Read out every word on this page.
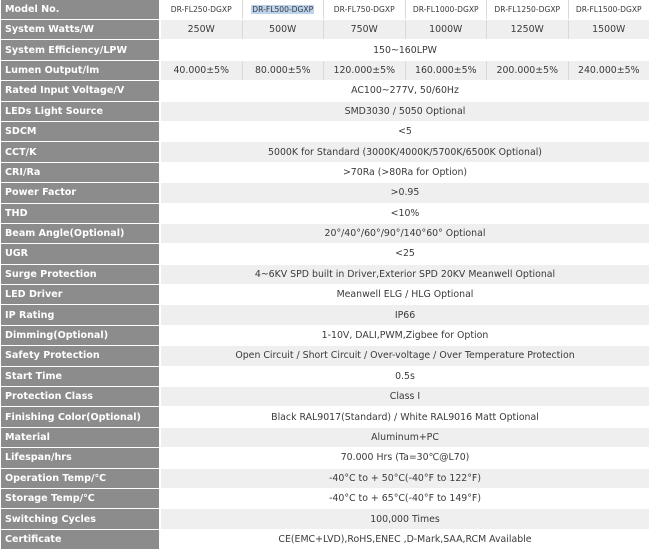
Model No.	DR-FL250-DGXP	DR-FL500-DGXP	DR-FL750-DGXP DR-FL1000-DGXP DR-FL1250-DGXP DR-FL1500-DGXP
System Watts/W	250W	500W	750W	1000W	1250W	1500W
System Efficiency/LPW	150~160LPW
Lumen Output/lm	40.000±5%	80.000±5%	120.000±5%	160.000±5%	200.000±5%	240.000±5%
Rated Input Voltage/V	AC100~277V, 50/60Hz
LEDs Light Source	SMD3030 / 5050 Optional
SDCM	<5
CCT/K	5000K for Standard (3000K/4000K/5700K/6500K Optional)
CRI/Ra	>70Ra (>80Ra for Option)
Power Factor	>0.95
THD	<10%
Beam Angle(Optional)	20°/40°/60°/90°/140°60° Optional
UGR	<25
Surge Protection	4~6KV SPD built in Driver,Exterior SPD 20KV Meanwell Optional
LED Driver	Meanwell ELG / HLG Optional
IP Rating	IP66
Dimming(Optional)	1-10V, DALI,PWM,Zigbee for Option
Safety Protection	Open Circuit / Short Circuit / Over-voltage / Over Temperature Protection
Start Time	0.5s
Protection Class	Class I
Finishing Color(Optional)	Black RAL9017(Standard) / White RAL9016 Matt Optional
Material	Aluminum+PC
Lifespan/hrs	70.000 Hrs (Ta=30℃@L70)
Operation Temp/℃	-40°C to + 50°C(-40°F to 122°F)
Storage Temp/℃	-40°C to + 65°C(-40°F to 149°F)
Switching Cycles	100,000 Times
Certificate	CE(EMC+LVD),RoHS,ENEC ,D-Mark,SAA,RCM Available
